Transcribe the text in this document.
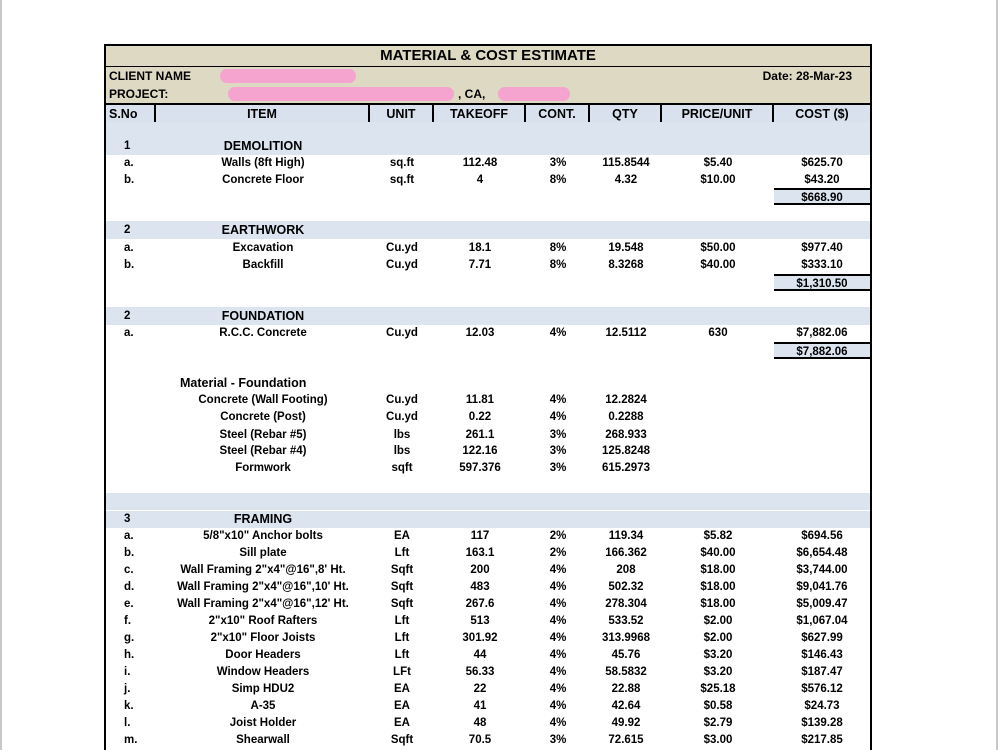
MATERIAL & COST ESTIMATE
CLIENT NAME	Date: 28-Mar-23
PROJECT:	, CA,
S.No	ITEM	UNIT	TAKEOFF	CONT.	QTY	PRICE/UNIT	COST ($)
1	DEMOLITION
a.	Walls (8ft High)	sq.ft	112.48	3%	115.8544	$5.40	$625.70
b.	Concrete Floor	sq.ft	4	8%	4.32	$10.00	$43.20
$668.90
2	EARTHWORK
a.	Excavation	Cu.yd	18.1	8%	19.548	$50.00	$977.40
b.	Backfill	Cu.yd	7.71	8%	8.3268	$40.00	$333.10
$1,310.50
2	FOUNDATION
a.	R.C.C. Concrete	Cu.yd	12.03	4%	12.5112	630	$7,882.06
$7,882.06
Material - Foundation
Concrete (Wall Footing)	Cu.yd	11.81	4%	12.2824
Concrete (Post)	Cu.yd	0.22	4%	0.2288
Steel (Rebar #5)	lbs	261.1	3%	268.933
Steel (Rebar #4)	lbs	122.16	3%	125.8248
Formwork	sqft	597.376	3%	615.2973
3	FRAMING
a.	5/8"x10" Anchor bolts	EA	117	2%	119.34	$5.82	$694.56
b.	Sill plate	Lft	163.1	2%	166.362	$40.00	$6,654.48
c.	Wall Framing 2"x4"@16",8' Ht.	Sqft	200	4%	208	$18.00	$3,744.00
d.	Wall Framing 2"x4"@16",10' Ht.	Sqft	483	4%	502.32	$18.00	$9,041.76
e.	Wall Framing 2"x4"@16",12' Ht.	Sqft	267.6	4%	278.304	$18.00	$5,009.47
f.	2"x10" Roof Rafters	Lft	513	4%	533.52	$2.00	$1,067.04
g.	2"x10" Floor Joists	Lft	301.92	4%	313.9968	$2.00	$627.99
h.	Door Headers	Lft	44	4%	45.76	$3.20	$146.43
i.	Window Headers	LFt	56.33	4%	58.5832	$3.20	$187.47
j.	Simp HDU2	EA	22	4%	22.88	$25.18	$576.12
k.	A-35	EA	41	4%	42.64	$0.58	$24.73
l.	Joist Holder	EA	48	4%	49.92	$2.79	$139.28
m.	Shearwall	Sqft	70.5	3%	72.615	$3.00	$217.85
